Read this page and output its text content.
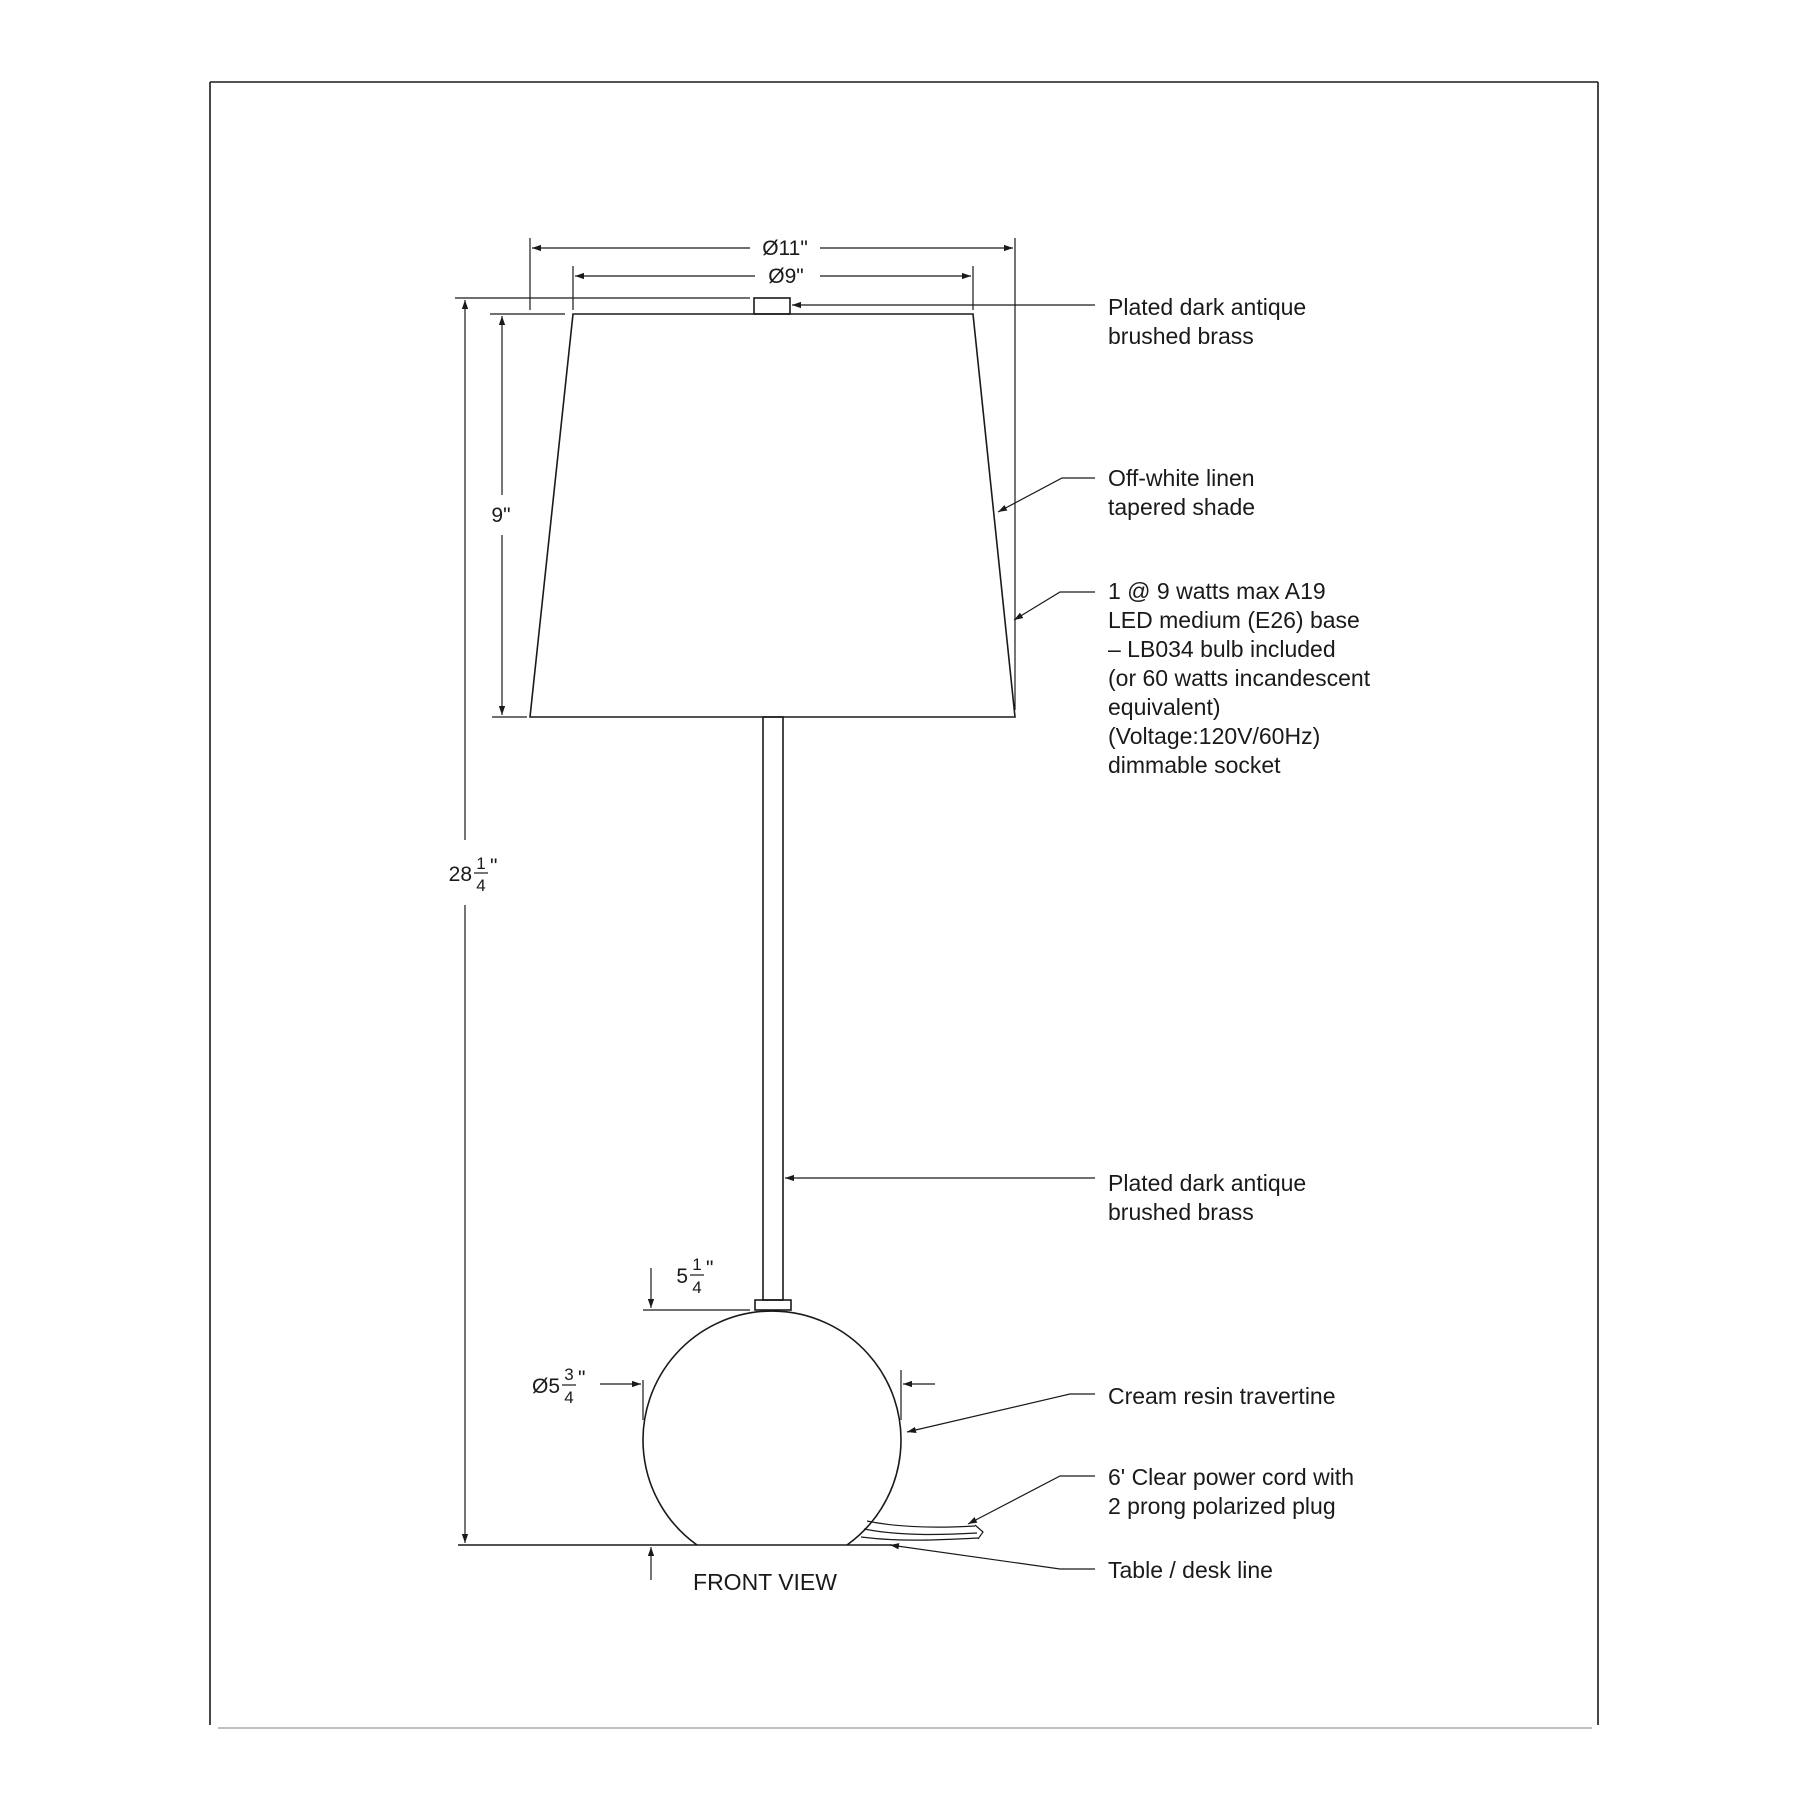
Ø11"
Ø9"
9"
28 1
4
"
5
1
4
"
Ø5
3
4
"
FRONT VIEW
Plated dark antique brushed brass
Off-white linen tapered shade
1 @ 9 watts max A19 LED medium (E26) base – LB034 bulb included (or 60 watts incandescent equivalent) (Voltage:120V/60Hz) dimmable socket
Plated dark antique brushed brass
Cream resin travertine
6' Clear power cord with 2 prong polarized plug
Table / desk line
